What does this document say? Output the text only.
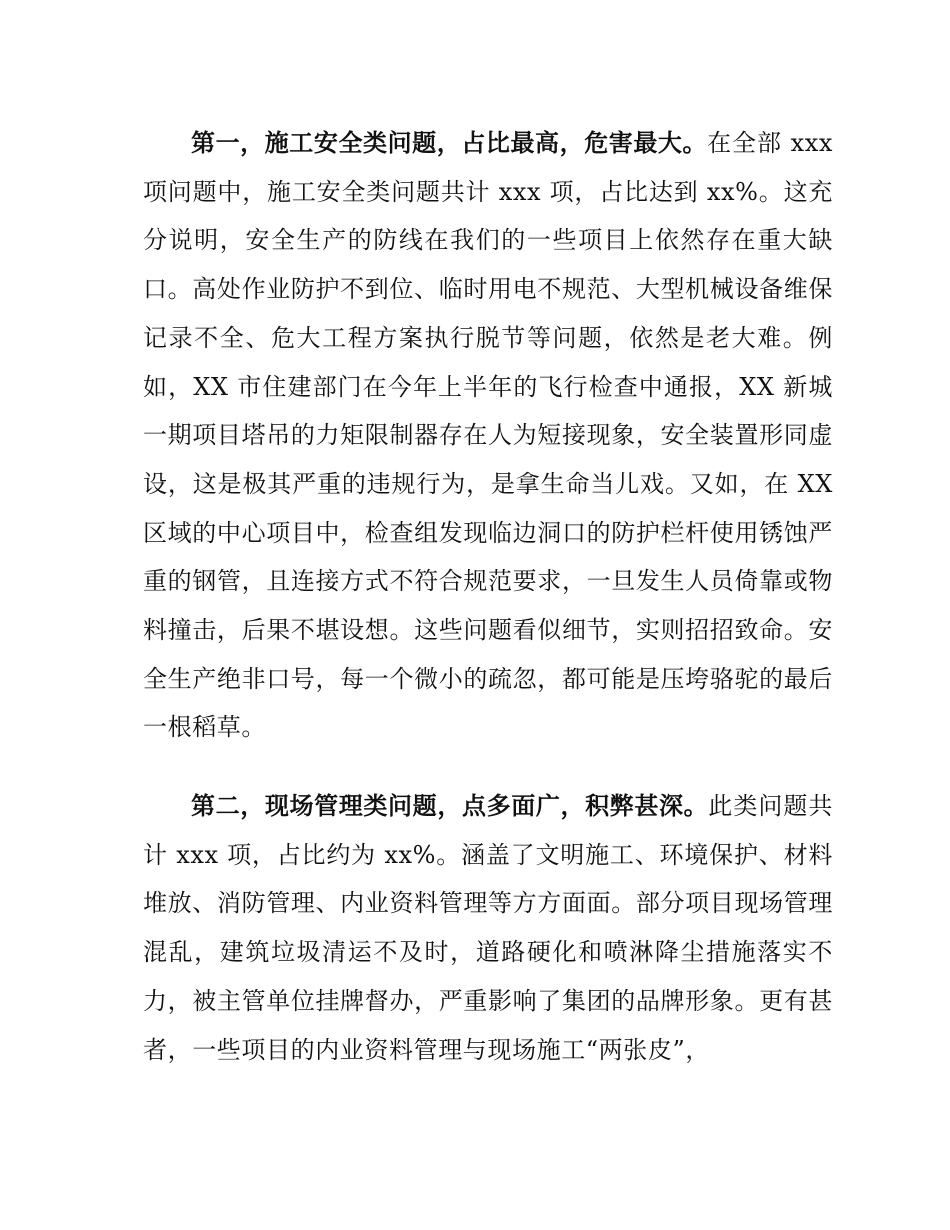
第一，施工安全类问题，占比最高，危害最大。在全部 xxx 项问题中，施工安全类问题共计 xxx 项，占比达到 xx%。这充分说明，安全生产的防线在我们的一些项目上依然存在重大缺口。高处作业防护不到位、临时用电不规范、大型机械设备维保记录不全、危大工程方案执行脱节等问题，依然是老大难。例如，XX 市住建部门在今年上半年的飞行检查中通报，XX 新城一期项目塔吊的力矩限制器存在人为短接现象，安全装置形同虚设，这是极其严重的违规行为，是拿生命当儿戏。又如，在 XX 区域的中心项目中，检查组发现临边洞口的防护栏杆使用锈蚀严重的钢管，且连接方式不符合规范要求，一旦发生人员倚靠或物料撞击，后果不堪设想。这些问题看似细节，实则招招致命。安全生产绝非口号，每一个微小的疏忽，都可能是压垮骆驼的最后一根稻草。

第二，现场管理类问题，点多面广，积弊甚深。此类问题共计 xxx 项，占比约为 xx%。涵盖了文明施工、环境保护、材料堆放、消防管理、内业资料管理等方方面面。部分项目现场管理混乱，建筑垃圾清运不及时，道路硬化和喷淋降尘措施落实不力，被主管单位挂牌督办，严重影响了集团的品牌形象。更有甚者，一些项目的内业资料管理与现场施工“两张皮”，
